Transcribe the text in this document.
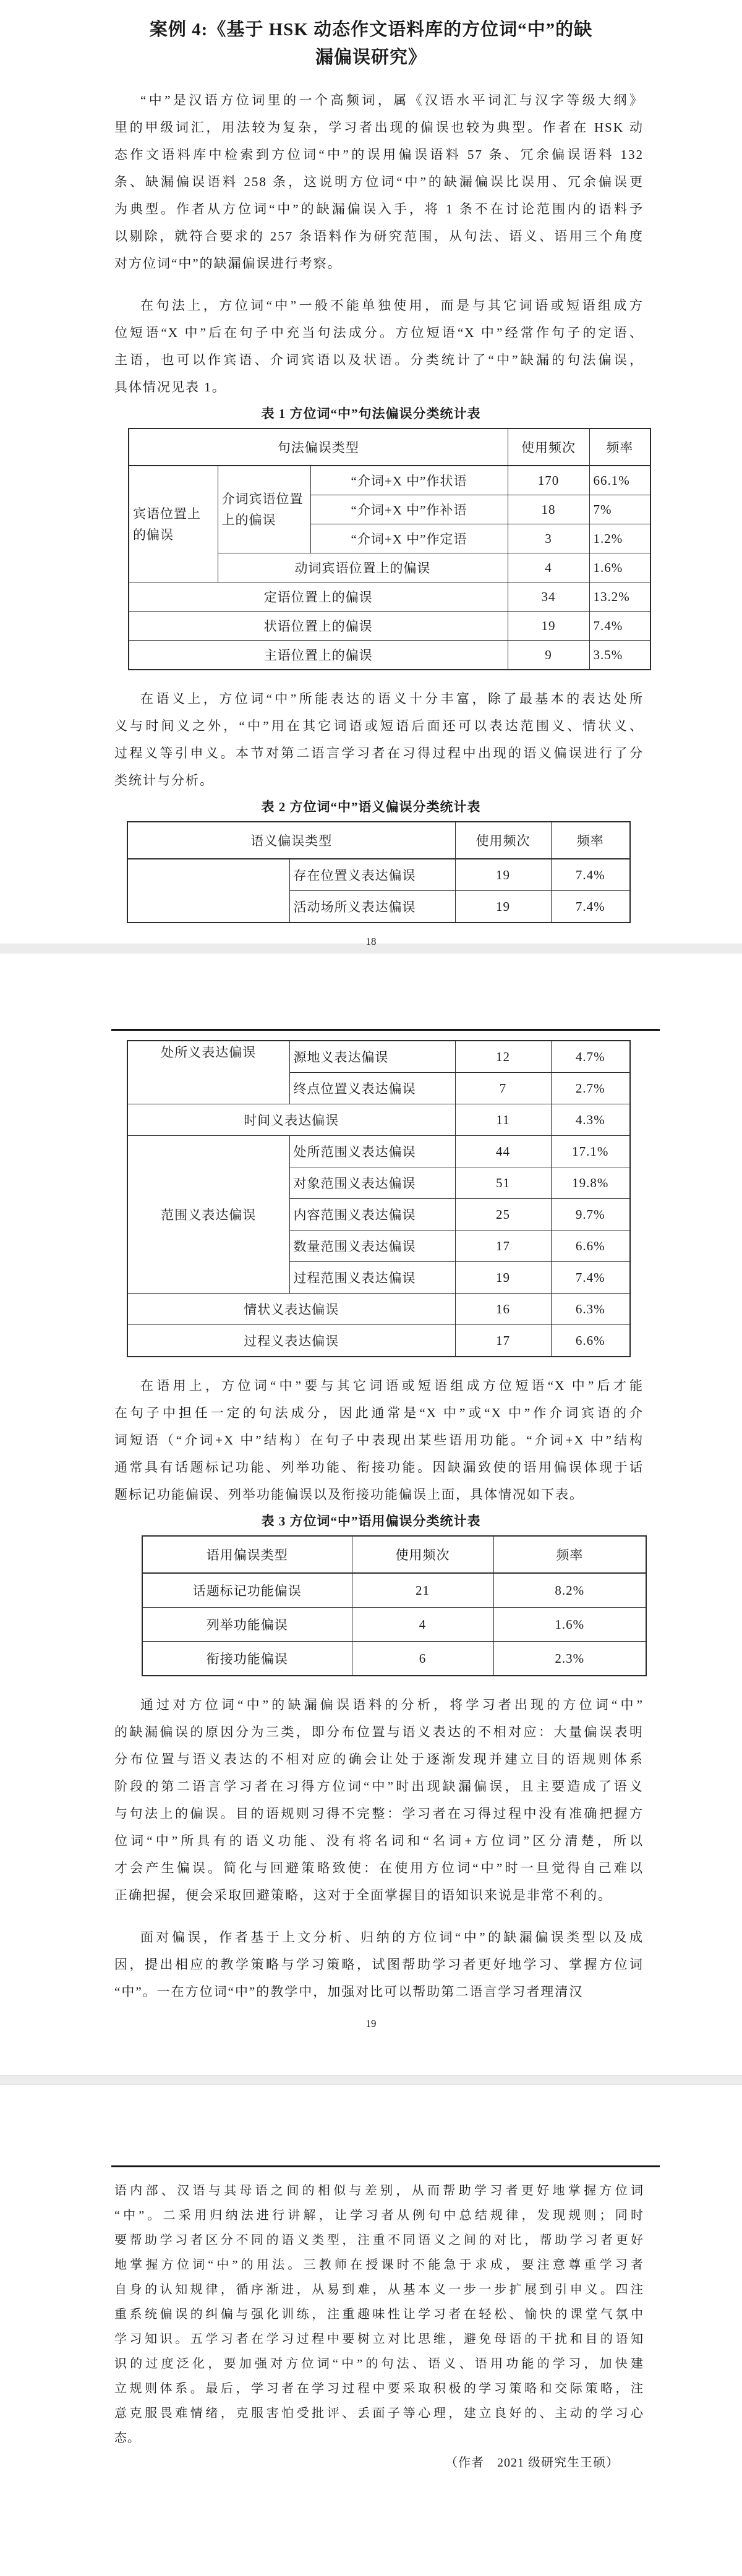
案例 4:《基于 HSK 动态作文语料库的方位词“中”的缺
漏偏误研究》
“中”是汉语方位词里的一个高频词，属《汉语水平词汇与汉字等级大纲》
里的甲级词汇，用法较为复杂，学习者出现的偏误也较为典型。作者在 HSK 动
态作文语料库中检索到方位词“中”的误用偏误语料 57 条、冗余偏误语料 132
条、缺漏偏误语料 258 条，这说明方位词“中”的缺漏偏误比误用、冗余偏误更
为典型。作者从方位词“中”的缺漏偏误入手，将 1 条不在讨论范围内的语料予
以剔除，就符合要求的 257 条语料作为研究范围，从句法、语义、语用三个角度
对方位词“中”的缺漏偏误进行考察。
在句法上，方位词“中”一般不能单独使用，而是与其它词语或短语组成方
位短语“X 中”后在句子中充当句法成分。方位短语“X 中”经常作句子的定语、
主语，也可以作宾语、介词宾语以及状语。分类统计了“中”缺漏的句法偏误，
具体情况见表 1。
表 1 方位词“中”句法偏误分类统计表
句法偏误类型			使用频次	频率
宾语位置上的偏误	介词宾语位置上的偏误	“介词+X 中”作状语	170	66.1%
		“介词+X 中”作补语	18	7%
		“介词+X 中”作定语	3	1.2%
	动词宾语位置上的偏误		4	1.6%
定语位置上的偏误			34	13.2%
状语位置上的偏误			19	7.4%
主语位置上的偏误			9	3.5%
在语义上，方位词“中”所能表达的语义十分丰富，除了最基本的表达处所
义与时间义之外，“中”用在其它词语或短语后面还可以表达范围义、情状义、
过程义等引申义。本节对第二语言学习者在习得过程中出现的语义偏误进行了分
类统计与分析。
表 2 方位词“中”语义偏误分类统计表
语义偏误类型		使用频次	频率
	存在位置义表达偏误	19	7.4%
	活动场所义表达偏误	19	7.4%
18
处所义表达偏误	源地义表达偏误	12	4.7%
	终点位置义表达偏误	7	2.7%
时间义表达偏误		11	4.3%
范围义表达偏误	处所范围义表达偏误	44	17.1%
	对象范围义表达偏误	51	19.8%
	内容范围义表达偏误	25	9.7%
	数量范围义表达偏误	17	6.6%
	过程范围义表达偏误	19	7.4%
情状义表达偏误		16	6.3%
过程义表达偏误		17	6.6%
在语用上，方位词“中”要与其它词语或短语组成方位短语“X 中”后才能
在句子中担任一定的句法成分，因此通常是“X 中”或“X 中”作介词宾语的介
词短语（“介词+X 中”结构）在句子中表现出某些语用功能。“介词+X 中”结构
通常具有话题标记功能、列举功能、衔接功能。因缺漏致使的语用偏误体现于话
题标记功能偏误、列举功能偏误以及衔接功能偏误上面，具体情况如下表。
表 3 方位词“中”语用偏误分类统计表
语用偏误类型	使用频次	频率
话题标记功能偏误	21	8.2%
列举功能偏误	4	1.6%
衔接功能偏误	6	2.3%
通过对方位词“中”的缺漏偏误语料的分析，将学习者出现的方位词“中”
的缺漏偏误的原因分为三类，即分布位置与语义表达的不相对应：大量偏误表明
分布位置与语义表达的不相对应的确会让处于逐渐发现并建立目的语规则体系
阶段的第二语言学习者在习得方位词“中”时出现缺漏偏误，且主要造成了语义
与句法上的偏误。目的语规则习得不完整：学习者在习得过程中没有准确把握方
位词“中”所具有的语义功能、没有将名词和“名词+方位词”区分清楚，所以
才会产生偏误。简化与回避策略致使：在使用方位词“中”时一旦觉得自己难以
正确把握，便会采取回避策略，这对于全面掌握目的语知识来说是非常不利的。
面对偏误，作者基于上文分析、归纳的方位词“中”的缺漏偏误类型以及成
因，提出相应的教学策略与学习策略，试图帮助学习者更好地学习、掌握方位词
“中”。一在方位词“中”的教学中，加强对比可以帮助第二语言学习者理清汉
19
语内部、汉语与其母语之间的相似与差别，从而帮助学习者更好地掌握方位词
“中”。二采用归纳法进行讲解，让学习者从例句中总结规律，发现规则；同时
要帮助学习者区分不同的语义类型，注重不同语义之间的对比，帮助学习者更好
地掌握方位词“中”的用法。三教师在授课时不能急于求成，要注意尊重学习者
自身的认知规律，循序渐进，从易到难，从基本义一步一步扩展到引申义。四注
重系统偏误的纠偏与强化训练，注重趣味性让学习者在轻松、愉快的课堂气氛中
学习知识。五学习者在学习过程中要树立对比思维，避免母语的干扰和目的语知
识的过度泛化，要加强对方位词“中”的句法、语义、语用功能的学习，加快建
立规则体系。最后，学习者在学习过程中要采取积极的学习策略和交际策略，注
意克服畏难情绪，克服害怕受批评、丢面子等心理，建立良好的、主动的学习心
态。
（作者　2021 级研究生王硕）
